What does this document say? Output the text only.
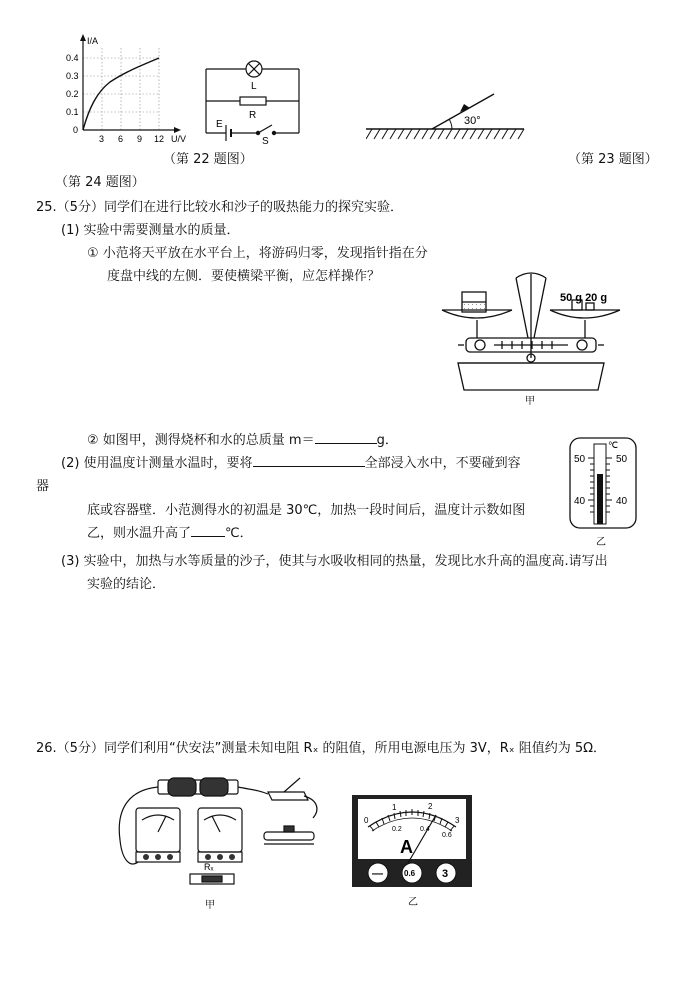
I/A
U/V
0.4
0.3
0.2
0.1
0
3 6 9 12
L
R
E
S
（第 22 题图）
30°
（第 23 题图）
（第 24 题图）
25.（5分）同学们在进行比较水和沙子的吸热能力的探究实验．
(1) 实验中需要测量水的质量．
① 小范将天平放在水平台上，将游码归零，发现指针指在分
度盘中线的左侧．要使横梁平衡，应怎样操作？
50 g 20 g
甲
② 如图甲，测得烧杯和水的总质量 m＝	g．
(2) 使用温度计测量水温时，要将	全部浸入水中，不要碰到容
器
底或容器壁．小范测得水的初温是 30℃，加热一段时间后，温度计示数如图
乙，则水温升高了	℃．
℃
50	50
40	40
乙
(3) 实验中，加热与水等质量的沙子，使其与水吸收相同的热量，发现比水升高的温度高.请写出
实验的结论．
26.（5分）同学们利用“伏安法”测量未知电阻 Rₓ 的阻值，所用电源电压为 3V，Rₓ 阻值约为 5Ω．
Rₓ
甲
0
1	2
3
0.2	0.4
0.6
A
—	0.6 3
乙
